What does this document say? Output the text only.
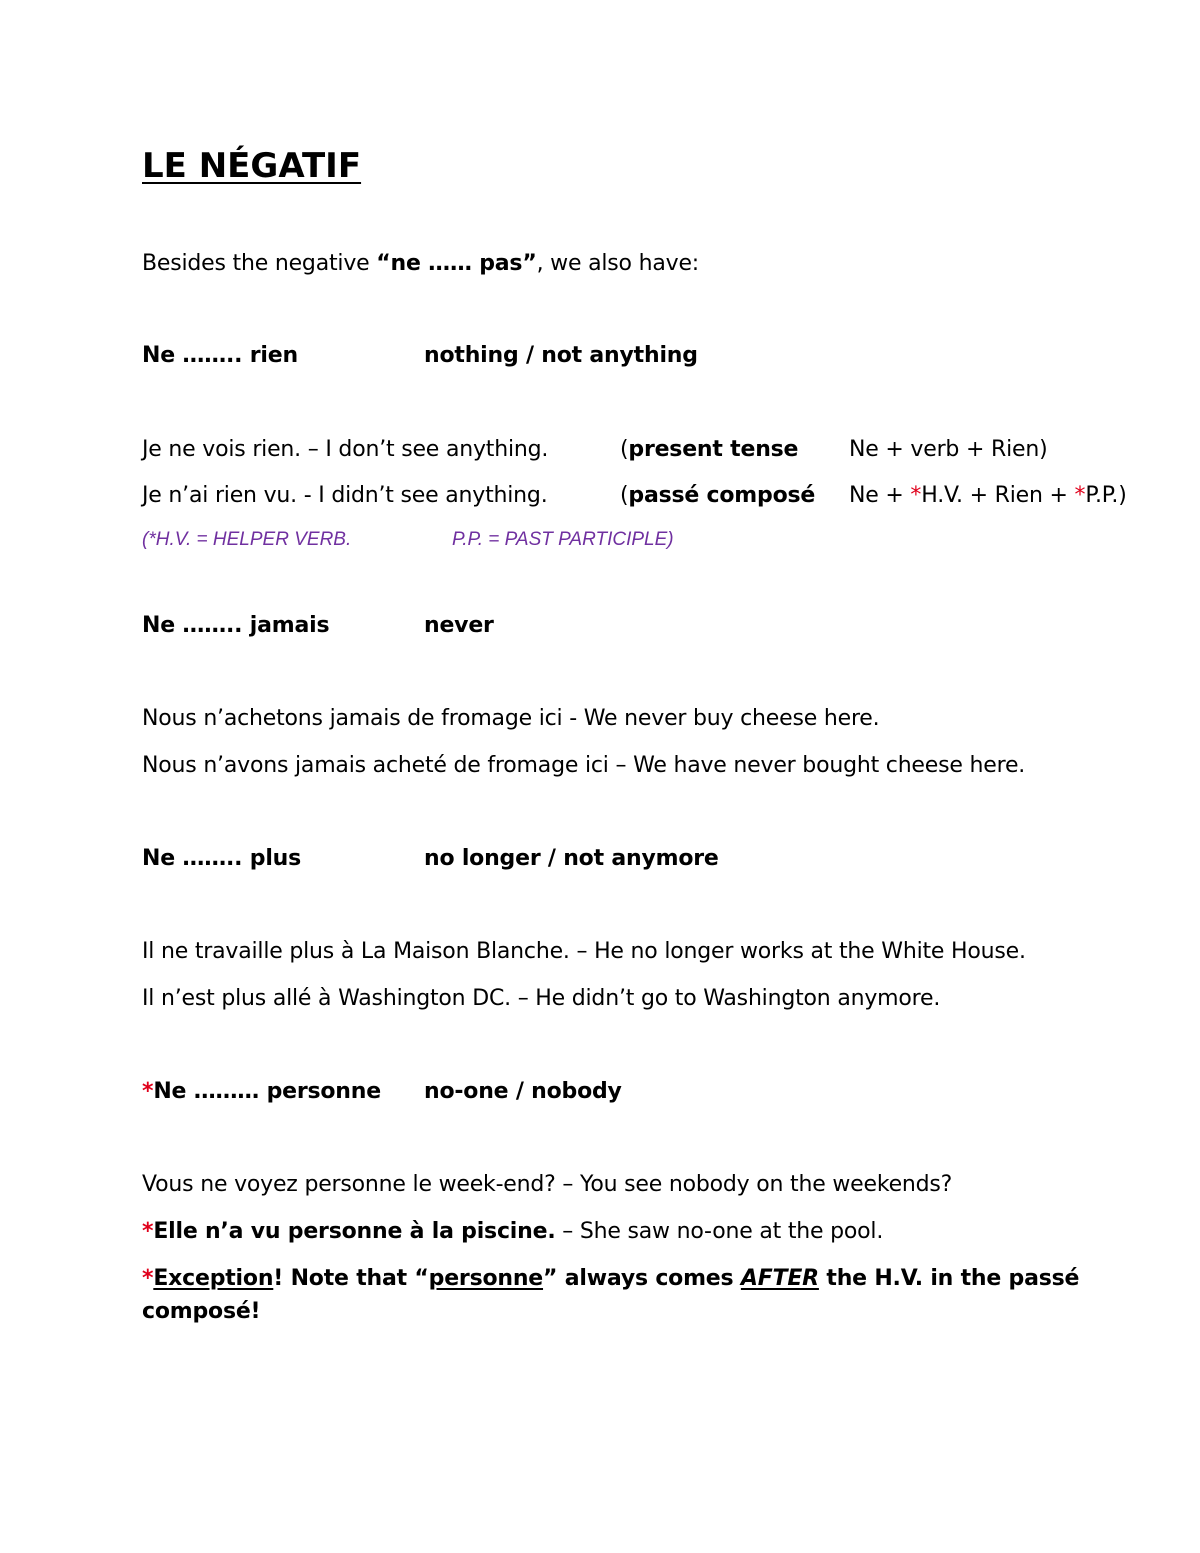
LE NÉGATIF
Besides the negative “ne …… pas”, we also have:
Ne …….. rien	nothing / not anything
Je ne vois rien. – I don’t see anything.	(present tense Ne + verb + Rien)
Je n’ai rien vu. - I didn’t see anything.	(passé composé Ne + *H.V. + Rien + *P.P.)
(*H.V. = HELPER VERB.	P.P. = PAST PARTICIPLE)
Ne …….. jamais	never
Nous n’achetons jamais de fromage ici - We never buy cheese here.
Nous n’avons jamais acheté de fromage ici – We have never bought cheese here.
Ne …….. plus	no longer / not anymore
Il ne travaille plus à La Maison Blanche. – He no longer works at the White House.
Il n’est plus allé à Washington DC. – He didn’t go to Washington anymore.
*Ne ……… personne no-one / nobody
Vous ne voyez personne le week-end? – You see nobody on the weekends?
*Elle n’a vu personne à la piscine. – She saw no-one at the pool.
*Exception! Note that “personne” always comes AFTER the H.V. in the passé composé!
